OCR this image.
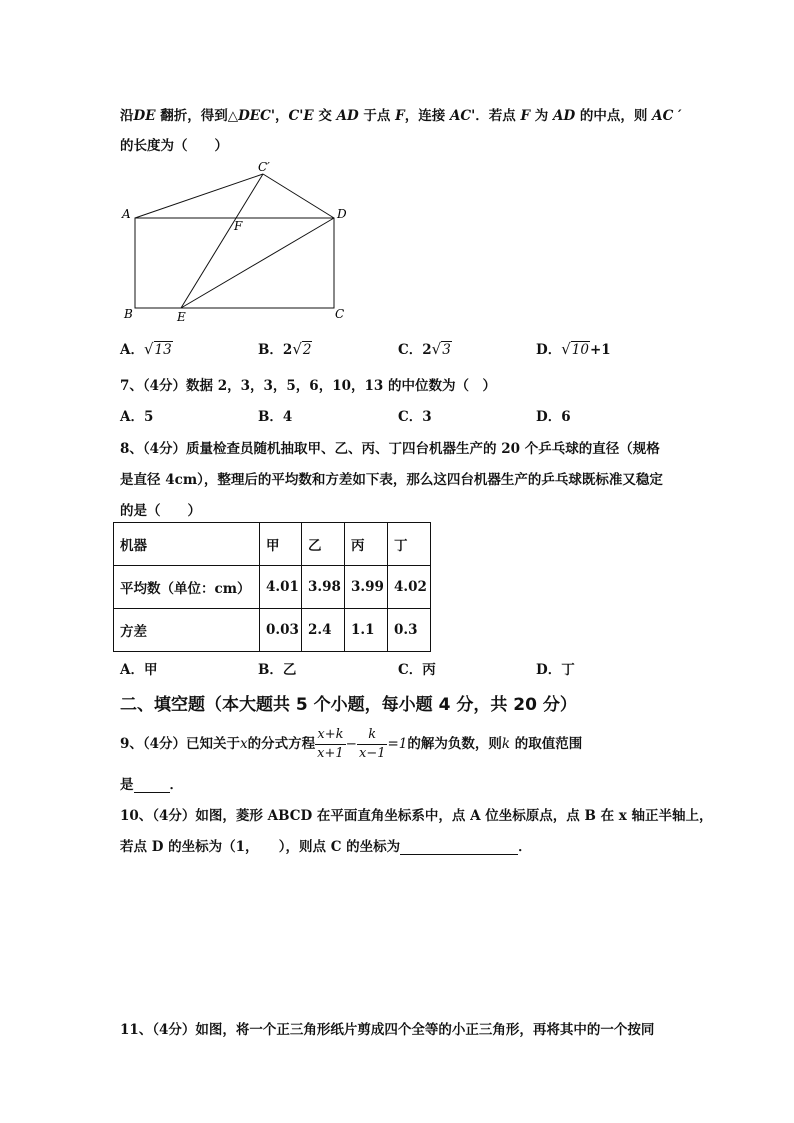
沿DE 翻折，得到△DEC'，C'E 交 AD 于点 F，连接 AC'．若点 F 为 AD 的中点，则 AC ′
的长度为（　　）
C′
A	D
F
B	E	C
A．√13	B．2√2	C．2√3	D．√10+1
7、（4分）数据 2，3，3，5，6，10，13 的中位数为（　）
A．5	B．4	C．3	D．6
8、（4分）质量检查员随机抽取甲、乙、丙、丁四台机器生产的 20 个乒乓球的直径（规格
是直径 4cm），整理后的平均数和方差如下表，那么这四台机器生产的乒乓球既标准又稳定
的是（　　）
机器	甲	乙	丙	丁
平均数（单位：cm）	4.01	3.98	3.99	4.02
方差	0.03	2.4	1.1	0.3
A．甲	B．乙	C．丙	D．丁
二、填空题（本大题共 5 个小题，每小题 4 分，共 20 分）
9、（4分）已知关于x的分式方程 $\frac{x+k}{x+1} - \frac{k}{x-1} =1$的解为负数，则k 的取值范围
是	．
10、（4分）如图，菱形 ABCD 在平面直角坐标系中，点 A 位坐标原点，点 B 在 x 轴正半轴上，
若点 D 的坐标为（1，　　），则点 C 的坐标为	．
11、（4分）如图，将一个正三角形纸片剪成四个全等的小正三角形，再将其中的一个按同
